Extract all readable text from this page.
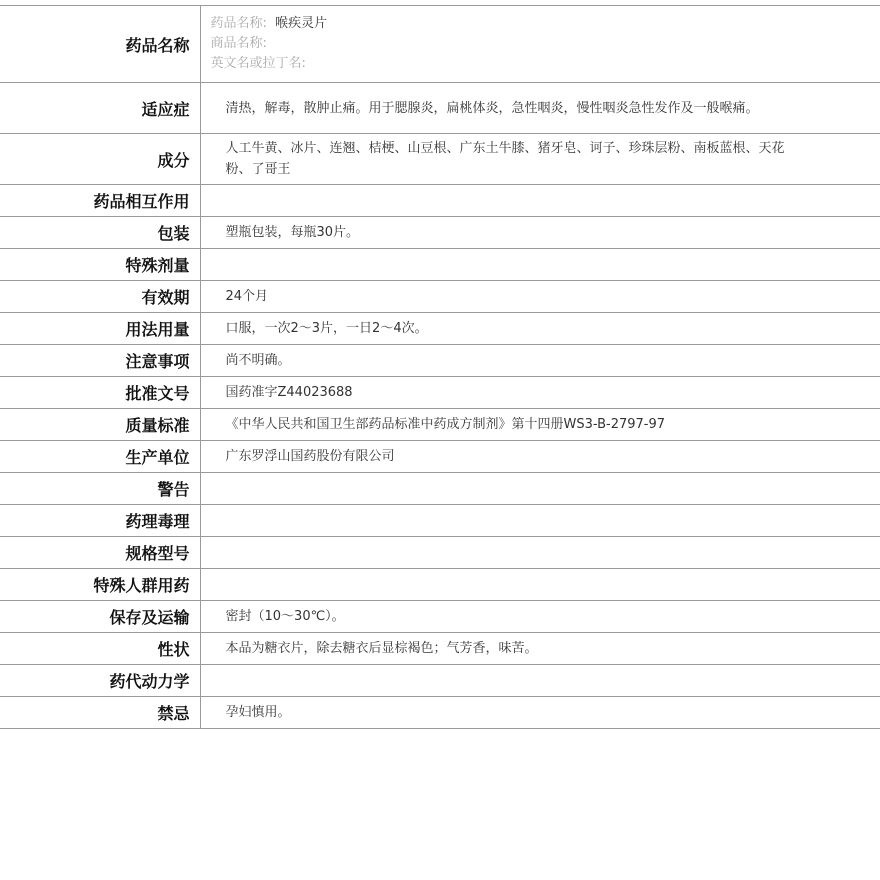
药品名称	药品名称: 喉疾灵片
商品名称:
英文名或拉丁名:

适应症	清热，解毒，散肿止痛。用于腮腺炎，扁桃体炎，急性咽炎，慢性咽炎急性发作及一般喉痛。
成分	人工牛黄、冰片、连翘、桔梗、山豆根、广东土牛膝、猪牙皂、诃子、珍珠层粉、南板蓝根、天花粉、了哥王
药品相互作用	
包装	塑瓶包装，每瓶30片。
特殊剂量	
有效期	24个月
用法用量	口服，一次2～3片，一日2～4次。
注意事项	尚不明确。
批准文号	国药准字Z44023688
质量标准	《中华人民共和国卫生部药品标准中药成方制剂》第十四册WS3-B-2797-97
生产单位	广东罗浮山国药股份有限公司
警告	
药理毒理	
规格型号	
特殊人群用药	
保存及运输	密封（10～30℃）。
性状	本品为糖衣片，除去糖衣后显棕褐色；气芳香，味苦。
药代动力学	
禁忌	孕妇慎用。
